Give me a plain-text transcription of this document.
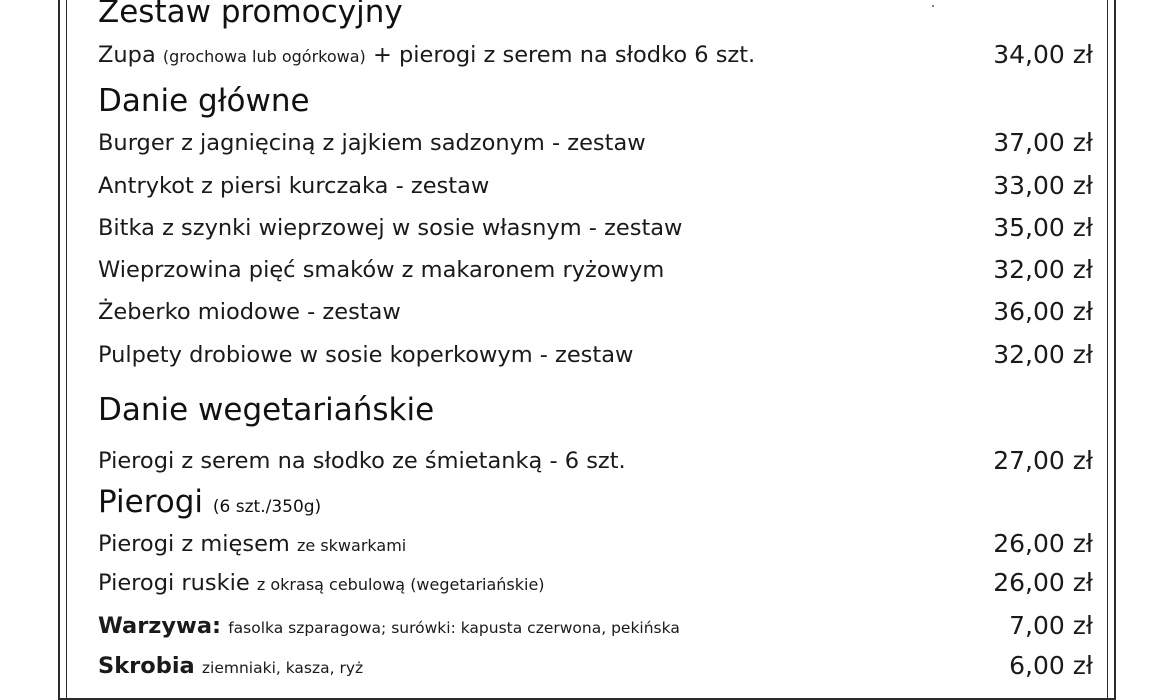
Zestaw promocyjny
Zupa (grochowa lub ogórkowa) + pierogi z serem na słodko 6 szt.	34,00 zł
Danie główne
Burger z jagnięciną z jajkiem sadzonym - zestaw	37,00 zł
Antrykot z piersi kurczaka - zestaw	33,00 zł
Bitka z szynki wieprzowej w sosie własnym - zestaw	35,00 zł
Wieprzowina pięć smaków z makaronem ryżowym	32,00 zł
Żeberko miodowe - zestaw	36,00 zł
Pulpety drobiowe w sosie koperkowym - zestaw	32,00 zł
Danie wegetariańskie
Pierogi z serem na słodko ze śmietanką - 6 szt.	27,00 zł
Pierogi (6 szt./350g)
Pierogi z mięsem ze skwarkami	26,00 zł
Pierogi ruskie z okrasą cebulową (wegetariańskie)	26,00 zł
Warzywa: fasolka szparagowa; surówki: kapusta czerwona, pekińska	7,00 zł
Skrobia ziemniaki, kasza, ryż	6,00 zł
